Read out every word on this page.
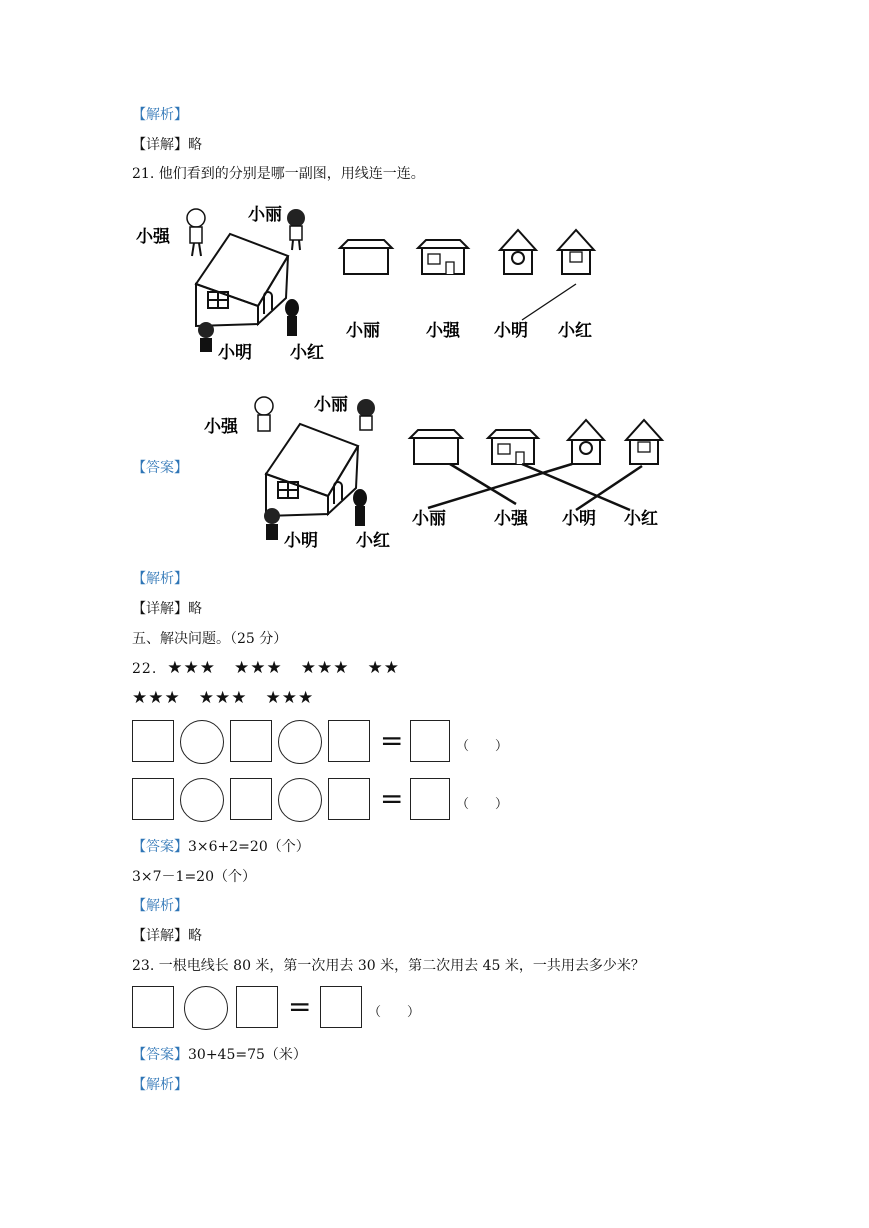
【解析】
【详解】略
21. 他们看到的分别是哪一副图，用线连一连。
小强
小丽
小明 小红
小丽	小强 小明 小红
【答案】
小强
小丽
小明 小红
小丽	小强 小明 小红
【解析】
【详解】略
五、解决问题。（25 分）
22. ★★★ ★★★ ★★★ ★★
★★★ ★★★ ★★★
=	（　　）
=	（　　）
【答案】3×6+2=20（个）
3×7－1=20（个）
【解析】
【详解】略
23. 一根电线长 80 米，第一次用去 30 米，第二次用去 45 米，一共用去多少米？
=	（　　）
【答案】30+45=75（米）
【解析】
